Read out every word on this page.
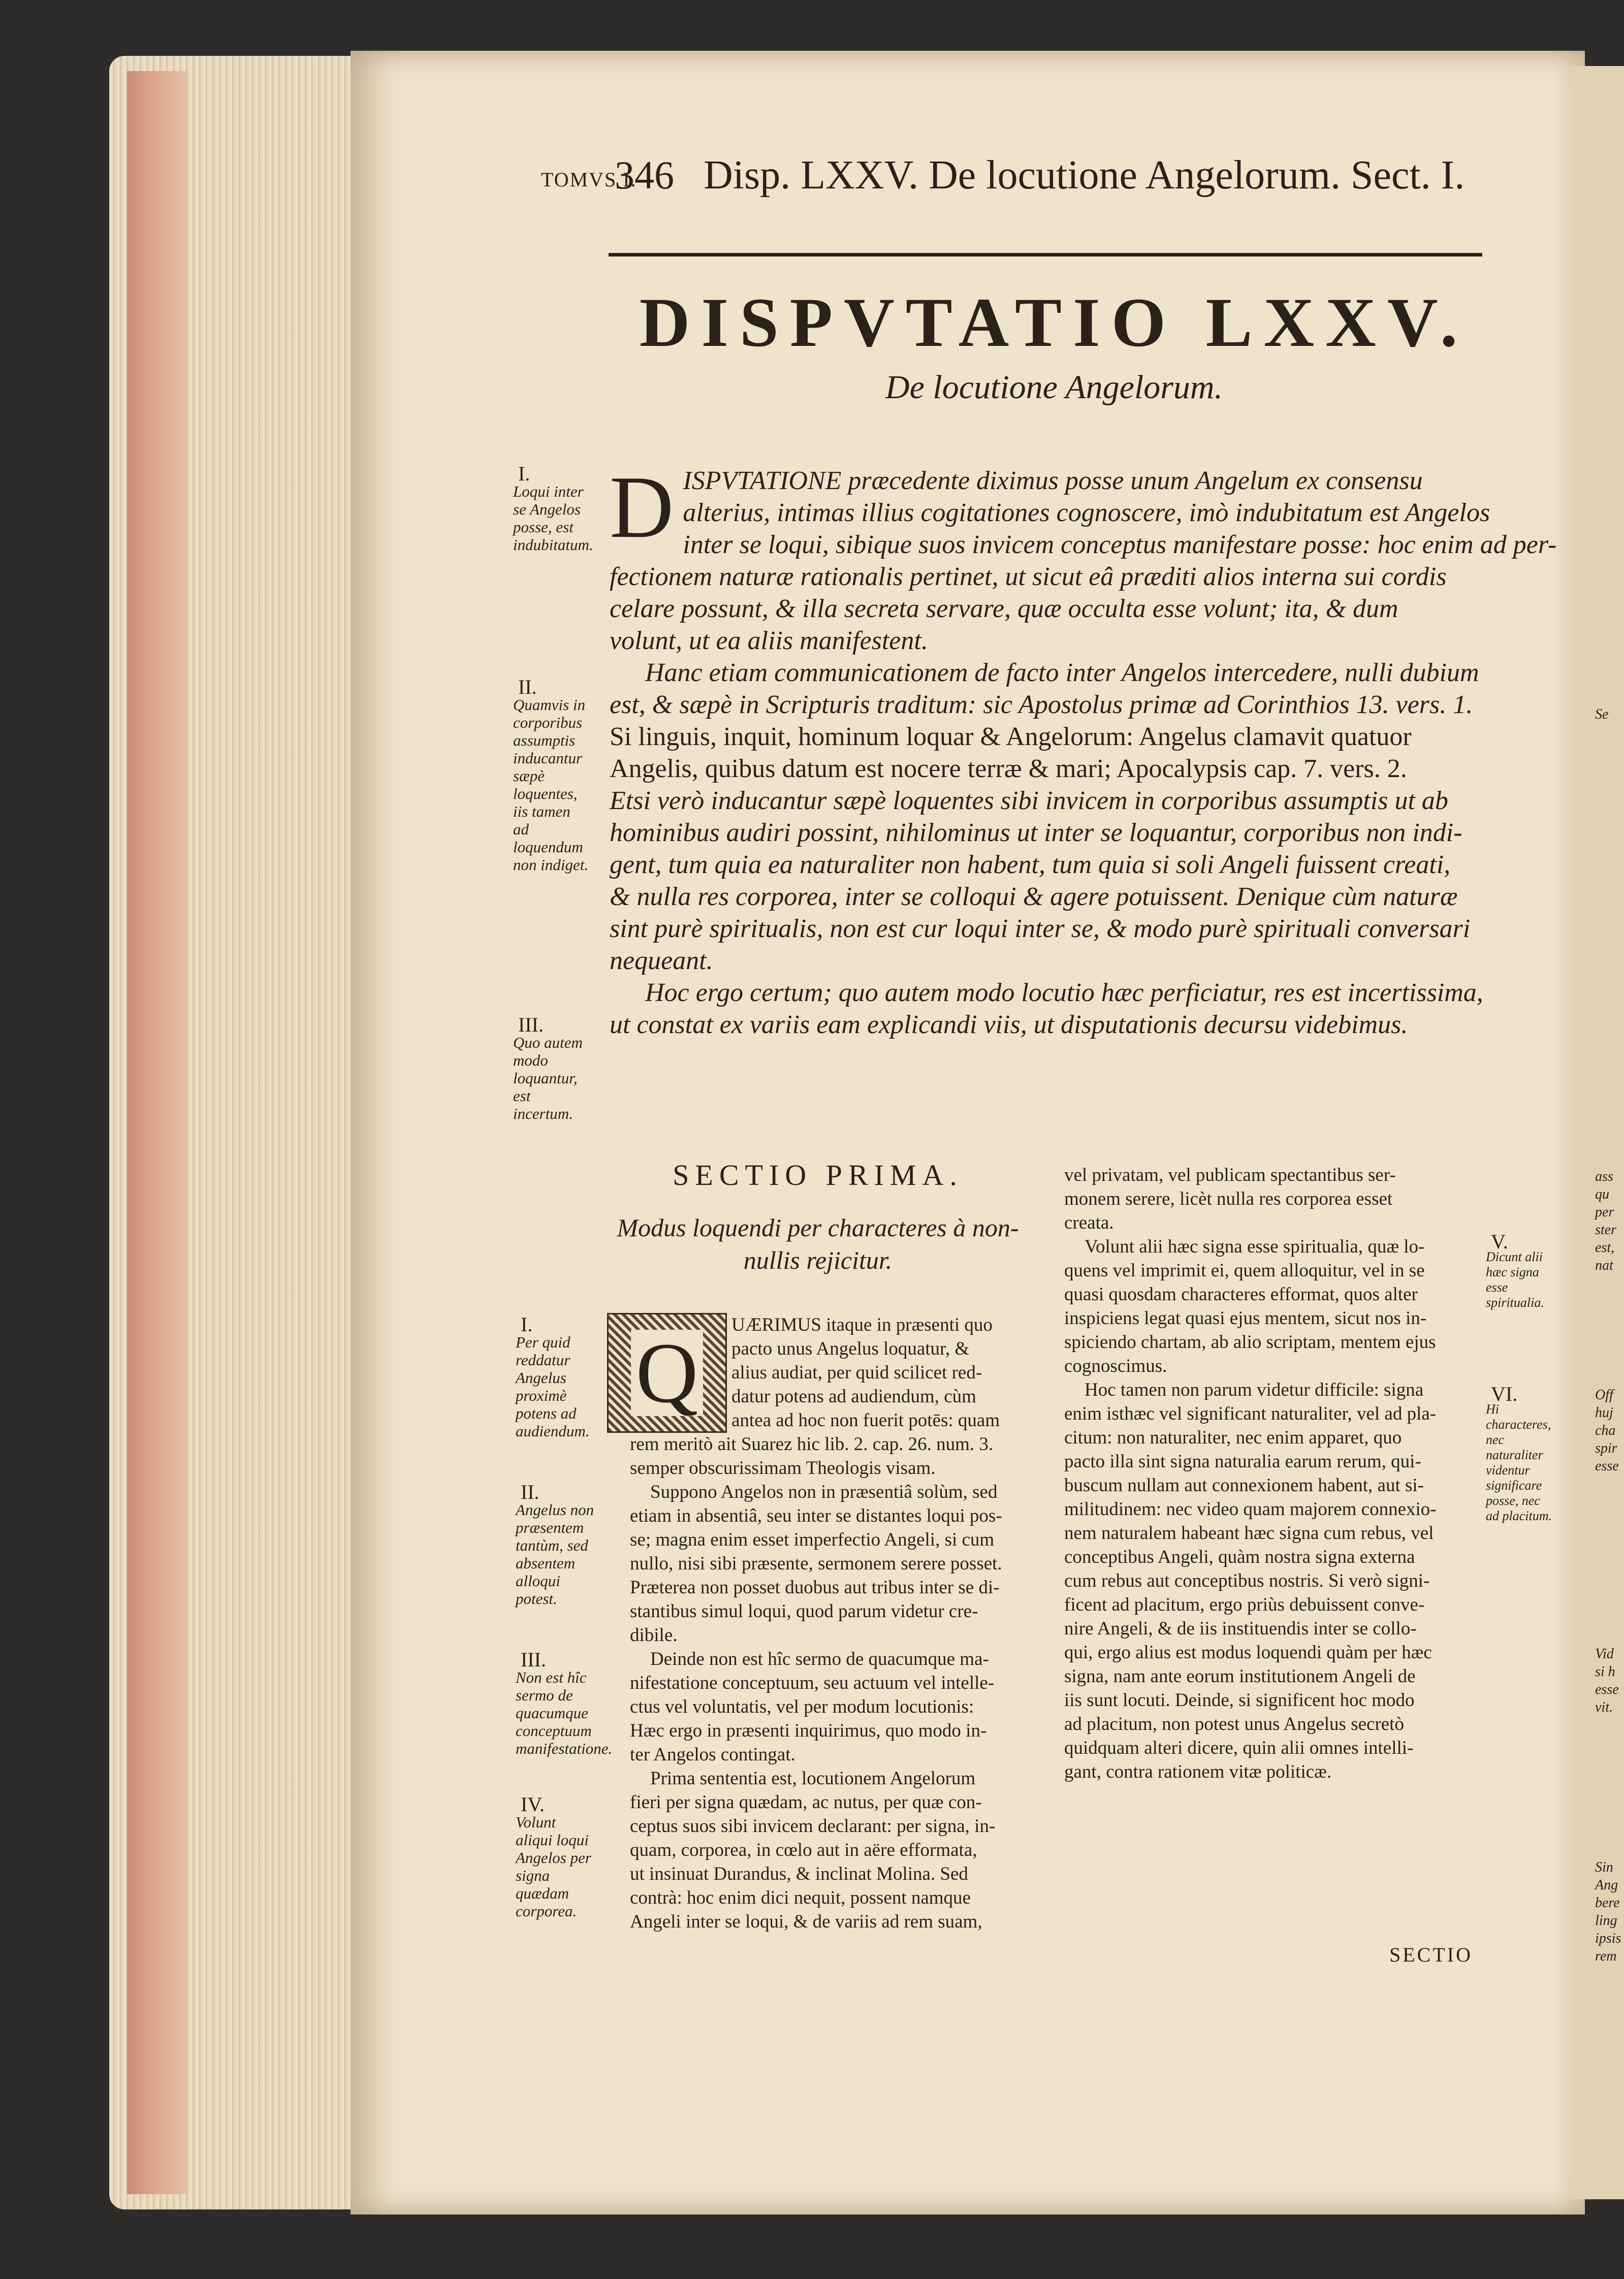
TOMVS I.
346 Disp. LXXV. De locutione Angelorum. Sect. I.
DISPVTATIO LXXV.
De locutione Angelorum.
I.
Loqui inter se Angelos posse, est indubitatum.
II.
Quamvis in corporibus assumptis inducantur sæpè loquentes, iis tamen ad loquendum non indiget.
III.
Quo autem modo loquantur, est incertum.
D ISPVTATIONE præcedente diximus posse unum Angelum ex consensu
alterius, intimas illius cogitationes cognoscere, imò indubitatum est Angelos
inter se loqui, sibique suos invicem conceptus manifestare posse: hoc enim ad per-
fectionem naturæ rationalis pertinet, ut sicut eâ præditi alios interna sui cordis
celare possunt, & illa secreta servare, quæ occulta esse volunt; ita, & dum
volunt, ut ea aliis manifestent.
Hanc etiam communicationem de facto inter Angelos intercedere, nulli dubium
est, & sæpè in Scripturis traditum: sic Apostolus primæ ad Corinthios 13. vers. 1.
Si linguis, inquit, hominum loquar & Angelorum: Angelus clamavit quatuor
Angelis, quibus datum est nocere terræ & mari; Apocalypsis cap. 7. vers. 2.
Etsi verò inducantur sæpè loquentes sibi invicem in corporibus assumptis ut ab
hominibus audiri possint, nihilominus ut inter se loquantur, corporibus non indi-
gent, tum quia ea naturaliter non habent, tum quia si soli Angeli fuissent creati,
& nulla res corporea, inter se colloqui & agere potuissent. Denique cùm naturæ
sint purè spiritualis, non est cur loqui inter se, & modo purè spirituali conversari
nequeant.
Hoc ergo certum; quo autem modo locutio hæc perficiatur, res est incertissima,
ut constat ex variis eam explicandi viis, ut disputationis decursu videbimus.
SECTIO PRIMA.
Modus loquendi per characteres à non-
nullis rejicitur.
Q
UÆRIMUS itaque in præsenti quo
pacto unus Angelus loquatur, &
alius audiat, per quid scilicet red-
datur potens ad audiendum, cùm
antea ad hoc non fuerit potēs: quam
rem meritò ait Suarez hic lib. 2. cap. 26. num. 3.
semper obscurissimam Theologis visam.
Suppono Angelos non in præsentiâ solùm, sed
etiam in absentiâ, seu inter se distantes loqui pos-
se; magna enim esset imperfectio Angeli, si cum
nullo, nisi sibi præsente, sermonem serere posset.
Præterea non posset duobus aut tribus inter se di-
stantibus simul loqui, quod parum videtur cre-
dibile.
Deinde non est hîc sermo de quacumque ma-
nifestatione conceptuum, seu actuum vel intelle-
ctus vel voluntatis, vel per modum locutionis:
Hæc ergo in præsenti inquirimus, quo modo in-
ter Angelos contingat.
Prima sententia est, locutionem Angelorum
fieri per signa quædam, ac nutus, per quæ con-
ceptus suos sibi invicem declarant: per signa, in-
quam, corporea, in cœlo aut in aëre efformata,
ut insinuat Durandus, & inclinat Molina. Sed
contrà: hoc enim dici nequit, possent namque
Angeli inter se loqui, & de variis ad rem suam,
I.
Per quid reddatur Angelus proximè potens ad audiendum.
II.
Angelus non præsentem tantùm, sed absentem alloqui potest.
III.
Non est hîc sermo de quacumque conceptuum manifestatione.
IV.
Volunt aliqui loqui Angelos per signa quædam corporea.
vel privatam, vel publicam spectantibus ser-
monem serere, licèt nulla res corporea esset
creata.
Volunt alii hæc signa esse spiritualia, quæ lo-
quens vel imprimit ei, quem alloquitur, vel in se
quasi quosdam characteres efformat, quos alter
inspiciens legat quasi ejus mentem, sicut nos in-
spiciendo chartam, ab alio scriptam, mentem ejus
cognoscimus.
Hoc tamen non parum videtur difficile: signa
enim isthæc vel significant naturaliter, vel ad pla-
citum: non naturaliter, nec enim apparet, quo
pacto illa sint signa naturalia earum rerum, qui-
buscum nullam aut connexionem habent, aut si-
militudinem: nec video quam majorem connexio-
nem naturalem habeant hæc signa cum rebus, vel
conceptibus Angeli, quàm nostra signa externa
cum rebus aut conceptibus nostris. Si verò signi-
ficent ad placitum, ergo priùs debuissent conve-
nire Angeli, & de iis instituendis inter se collo-
qui, ergo alius est modus loquendi quàm per hæc
signa, nam ante eorum institutionem Angeli de
iis sunt locuti. Deinde, si significent hoc modo
ad placitum, non potest unus Angelus secretò
quidquam alteri dicere, quin alii omnes intelli-
gant, contra rationem vitæ politicæ.
V.
Dicunt alii hæc signa esse spiritualia.
VI.
Hi characteres, nec naturaliter videntur significare posse, nec ad placitum.
SECTIO
Se
ass
qu
per
ster
est,
nat
Off
huj
cha
spir
esse
Vid
si h
esse
vit.
Sin
Ang
bere
ling
ipsis
rem
